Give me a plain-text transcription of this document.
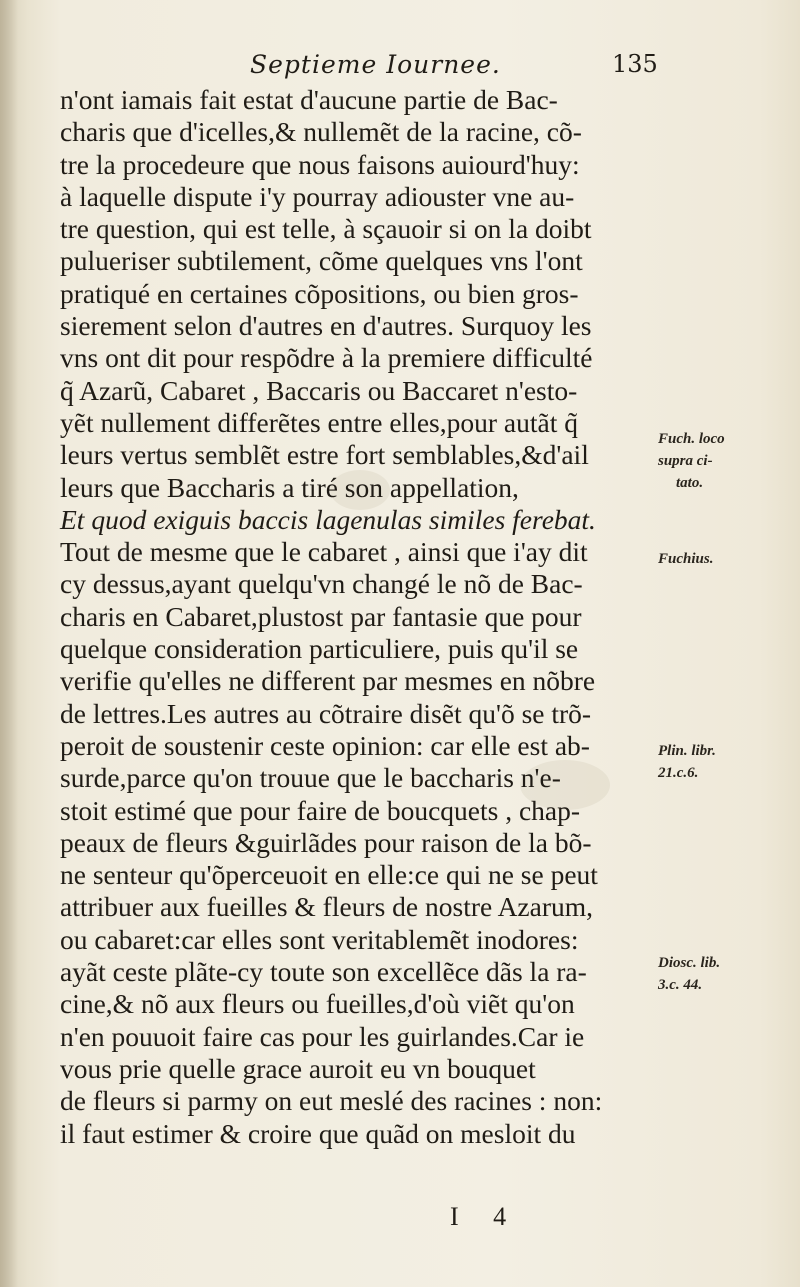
Septieme Iournee.	135
n'ont iamais fait estat d'aucune partie de Bac-
charis que d'icelles,& nullemẽt de la racine, cõ-
tre la procedeure que nous faisons auiourd'huy:
à laquelle dispute i'y pourray adiouster vne au-
tre question, qui est telle, à sçauoir si on la doibt
pulueriser subtilement, cõme quelques vns l'ont
pratiqué en certaines cõpositions, ou bien gros-
sierement selon d'autres en d'autres. Surquoy les
vns ont dit pour respõdre à la premiere difficulté
q̃ Azarũ, Cabaret , Baccaris ou Baccaret n'esto-
yẽt nullement differẽtes entre elles,pour autãt q̃
leurs vertus semblẽt estre fort semblables,&d'ail
leurs que Baccharis a tiré son appellation,
Et quod exiguis baccis lagenulas similes ferebat.
Tout de mesme que le cabaret , ainsi que i'ay dit
cy dessus,ayant quelqu'vn changé le nõ de Bac-
charis en Cabaret,plustost par fantasie que pour
quelque consideration particuliere, puis qu'il se
verifie qu'elles ne different par mesmes en nõbre
de lettres.Les autres au cõtraire disẽt qu'õ se trõ-
peroit de soustenir ceste opinion: car elle est ab-
surde,parce qu'on trouue que le baccharis n'e-
stoit estimé que pour faire de boucquets , chap-
peaux de fleurs &guirlãdes pour raison de la bõ-
ne senteur qu'õperceuoit en elle:ce qui ne se peut
attribuer aux fueilles & fleurs de nostre Azarum,
ou cabaret:car elles sont veritablemẽt inodores:
ayãt ceste plãte-cy toute son excellẽce dãs la ra-
cine,& nõ aux fleurs ou fueilles,d'où viẽt qu'on
n'en pouuoit faire cas pour les guirlandes.Car ie
vous prie quelle grace auroit eu vn bouquet
de fleurs si parmy on eut meslé des racines : non:
il faut estimer & croire que quãd on mesloit du
Fuch. loco
supra ci-
tato.
Fuchius.
Plin. libr.
21.c.6.
Diosc. lib.
3.c. 44.
I 4
